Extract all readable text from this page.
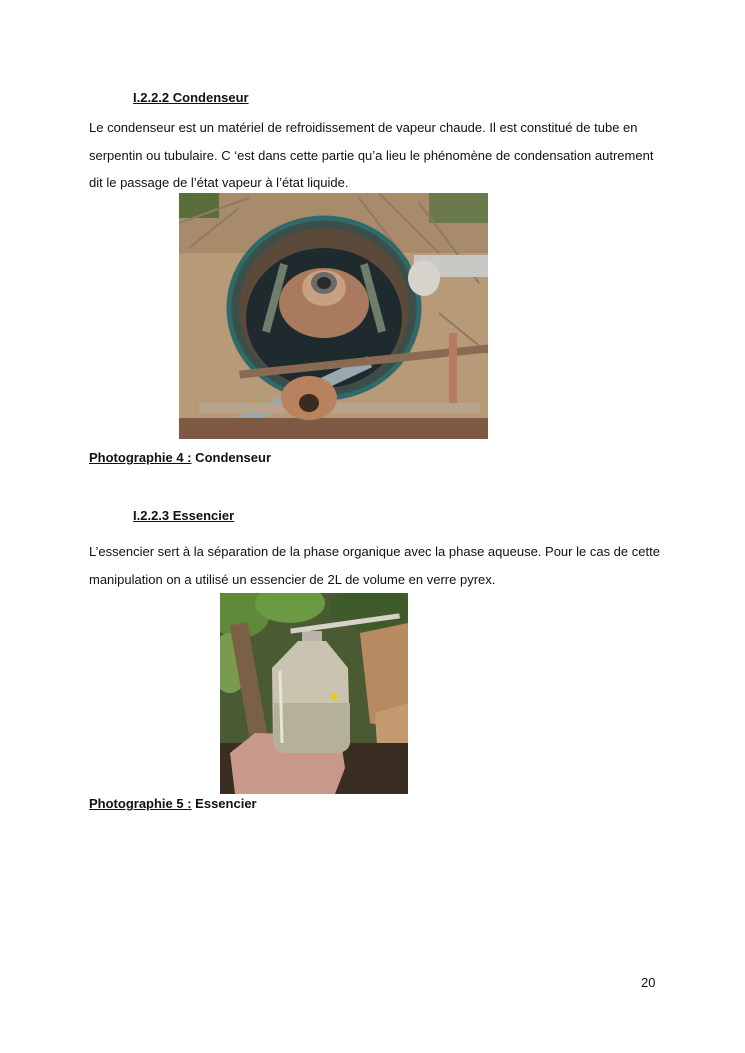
I.2.2.2 Condenseur

Le condenseur est un matériel de refroidissement de vapeur chaude. Il est constitué de tube en serpentin ou tubulaire. C ‘est dans cette partie qu’a lieu le phénomène de condensation autrement dit le passage de l’état vapeur à l’état liquide.

Photographie 4 : Condenseur
I.2.2.3 Essencier

L’essencier sert à la séparation de la phase organique avec la phase aqueuse. Pour le cas de cette manipulation on a utilisé un essencier de 2L de volume en verre pyrex.

Photographie 5 : Essencier
20
